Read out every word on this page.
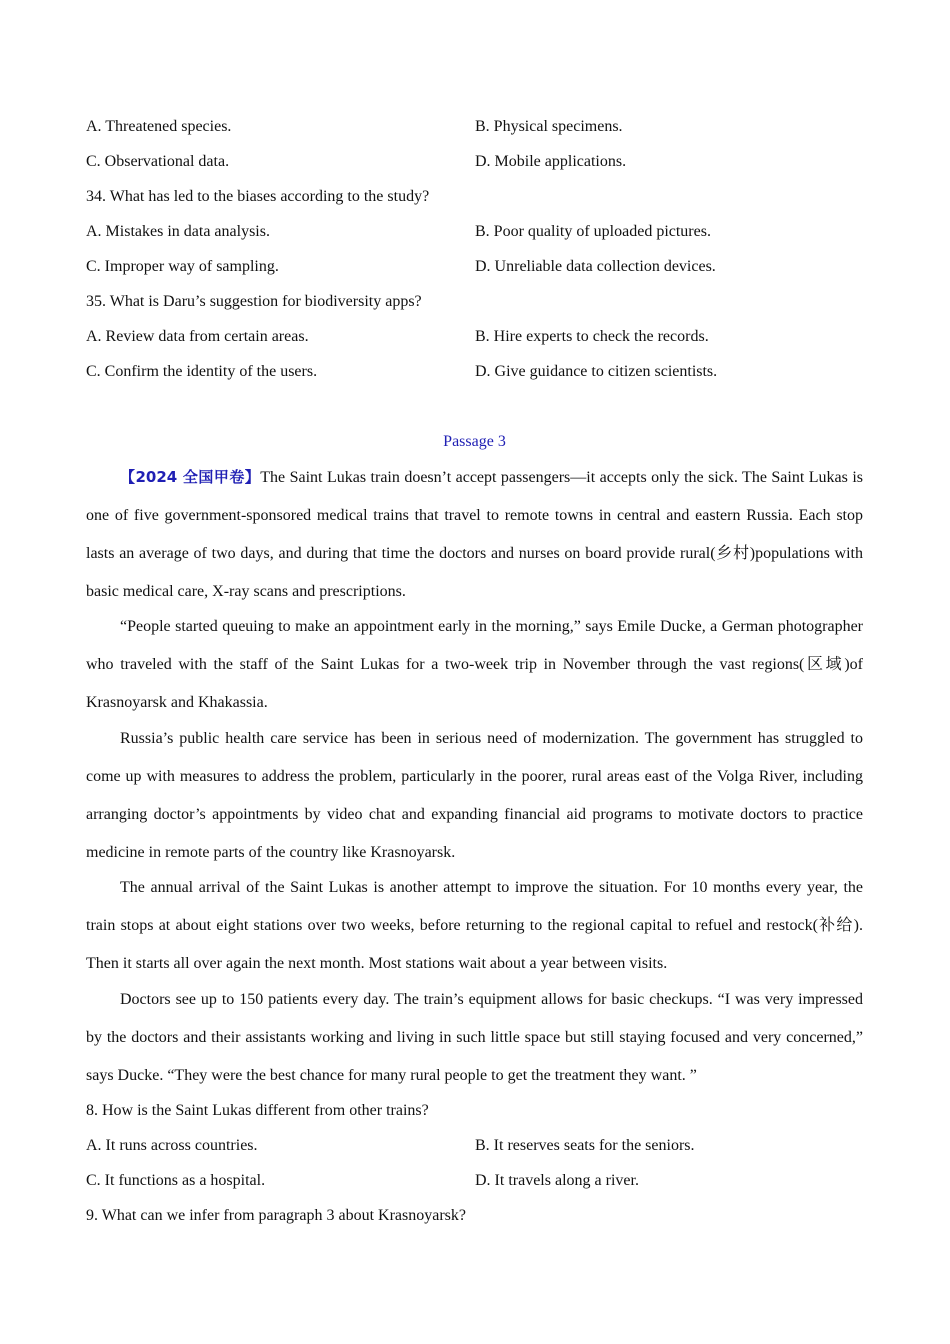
A. Threatened species.	B. Physical specimens.
C. Observational data.	D. Mobile applications.
34. What has led to the biases according to the study?
A. Mistakes in data analysis.	B. Poor quality of uploaded pictures.
C. Improper way of sampling.	D. Unreliable data collection devices.
35. What is Daru’s suggestion for biodiversity apps?
A. Review data from certain areas.	B. Hire experts to check the records.
C. Confirm the identity of the users.	D. Give guidance to citizen scientists.
Passage 3

【2024 全国甲卷】The Saint Lukas train doesn’t accept passengers—it accepts only the sick. The Saint Lukas is one of five government-sponsored medical trains that travel to remote towns in central and eastern Russia. Each stop lasts an average of two days, and during that time the doctors and nurses on board provide rural(乡村)populations with basic medical care, X-ray scans and prescriptions.

“People started queuing to make an appointment early in the morning,” says Emile Ducke, a German photographer who traveled with the staff of the Saint Lukas for a two-week trip in November through the vast regions(区域)of Krasnoyarsk and Khakassia.

Russia’s public health care service has been in serious need of modernization. The government has struggled to come up with measures to address the problem, particularly in the poorer, rural areas east of the Volga River, including arranging doctor’s appointments by video chat and expanding financial aid programs to motivate doctors to practice medicine in remote parts of the country like Krasnoyarsk.

The annual arrival of the Saint Lukas is another attempt to improve the situation. For 10 months every year, the train stops at about eight stations over two weeks, before returning to the regional capital to refuel and restock(补给). Then it starts all over again the next month. Most stations wait about a year between visits.

Doctors see up to 150 patients every day. The train’s equipment allows for basic checkups. “I was very impressed by the doctors and their assistants working and living in such little space but still staying focused and very concerned,” says Ducke. “They were the best chance for many rural people to get the treatment they want. ”

8. How is the Saint Lukas different from other trains?
A. It runs across countries.	B. It reserves seats for the seniors.
C. It functions as a hospital.	D. It travels along a river.
9. What can we infer from paragraph 3 about Krasnoyarsk?
